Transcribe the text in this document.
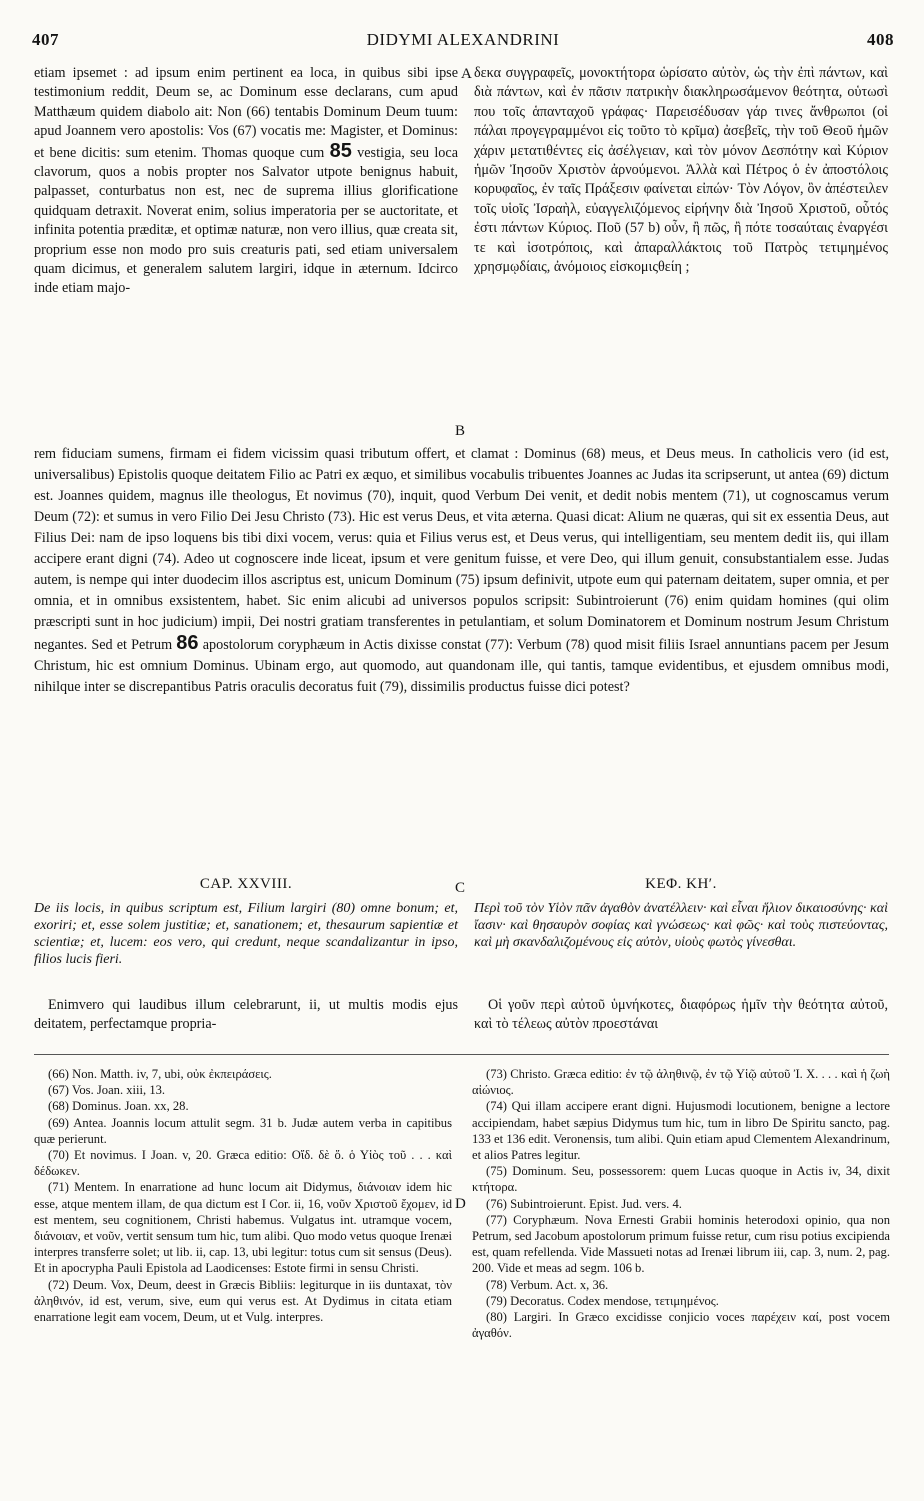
407	DIDYMI ALEXANDRINI	408

etiam ipsemet : ad ipsum enim pertinent ea loca, in quibus sibi ipse testimonium reddit, Deum se, ac Dominum esse declarans, cum apud Matthæum quidem diabolo ait: Non (66) tentabis Dominum Deum tuum: apud Joannem vero apostolis: Vos (67) vocatis me: Magister, et Dominus: et bene dicitis: sum etenim. Thomas quoque cum 85 vestigia, seu loca clavorum, quos a nobis propter nos Salvator utpote benignus habuit, palpasset, conturbatus non est, nec de suprema illius glorificatione quidquam detraxit. Noverat enim, solius imperatoria per se auctoritate, et infinita potentia præditæ, et optimæ naturæ, non vero illius, quæ creata sit, proprium esse non modo pro suis creaturis pati, sed etiam universalem quam dicimus, et generalem salutem largiri, idque in æternum. Idcirco inde etiam majo-

A
B

δεκα συγγραφεῖς, μονοκτήτορα ὡρίσατο αὐτὸν, ὡς τὴν ἐπὶ πάντων, καὶ διὰ πάντων, καὶ ἐν πᾶσιν πατρικὴν διακληρωσάμενον θεότητα, οὑτωσὶ που τοῖς ἁπανταχοῦ γράφας· Παρεισέδυσαν γάρ τινες ἄνθρωποι (οἱ πάλαι προγεγραμμένοι εἰς τοῦτο τὸ κρῖμα) ἀσεβεῖς, τὴν τοῦ Θεοῦ ἡμῶν χάριν μετατιθέντες εἰς ἀσέλγειαν, καὶ τὸν μόνον Δεσπότην καὶ Κύριον ἡμῶν Ἰησοῦν Χριστὸν ἀρνούμενοι. Ἀλλὰ καὶ Πέτρος ὁ ἐν ἀποστόλοις κορυφαῖος, ἐν ταῖς Πράξεσιν φαίνεται εἰπών· Τὸν Λόγον, ὃν ἀπέστειλεν τοῖς υἱοῖς Ἰσραὴλ, εὐαγγελιζόμενος εἰρήνην διὰ Ἰησοῦ Χριστοῦ, οὗτός ἐστι πάντων Κύριος. Ποῦ (57 b) οὖν, ἢ πῶς, ἢ πότε τοσαύταις ἐναργέσι τε καὶ ἰσοτρόποις, καὶ ἀπαραλλάκτοις τοῦ Πατρὸς τετιμημένος χρησμῳδίαις, ἀνόμοιος εἰσκομιςθείη ;

rem fiduciam sumens, firmam ei fidem vicissim quasi tributum offert, et clamat : Dominus (68) meus, et Deus meus. In catholicis vero (id est, universalibus) Epistolis quoque deitatem Filio ac Patri ex æquo, et similibus vocabulis tribuentes Joannes ac Judas ita scripserunt, ut antea (69) dictum est. Joannes quidem, magnus ille theologus, Et novimus (70), inquit, quod Verbum Dei venit, et dedit nobis mentem (71), ut cognoscamus verum Deum (72): et sumus in vero Filio Dei Jesu Christo (73). Hic est verus Deus, et vita æterna. Quasi dicat: Alium ne quæras, qui sit ex essentia Deus, aut Filius Dei: nam de ipso loquens bis tibi dixi vocem, verus: quia et Filius verus est, et Deus verus, qui intelligentiam, seu mentem dedit iis, qui illam accipere erant digni (74). Adeo ut cognoscere inde liceat, ipsum et vere genitum fuisse, et vere Deo, qui illum genuit, consubstantialem esse. Judas autem, is nempe qui inter duodecim illos ascriptus est, unicum Dominum (75) ipsum definivit, utpote eum qui paternam deitatem, super omnia, et per omnia, et in omnibus exsistentem, habet. Sic enim alicubi ad universos populos scripsit: Subintroierunt (76) enim quidam homines (qui olim præscripti sunt in hoc judicium) impii, Dei nostri gratiam transferentes in petulantiam, et solum Dominatorem et Dominum nostrum Jesum Christum negantes. Sed et Petrum 86 apostolorum coryphæum in Actis dixisse constat (77): Verbum (78) quod misit filiis Israel annuntians pacem per Jesum Christum, hic est omnium Dominus. Ubinam ergo, aut quomodo, aut quandonam ille, qui tantis, tamque evidentibus, et ejusdem omnibus modi, nihilque inter se discrepantibus Patris oraculis decoratus fuit (79), dissimilis productus fuisse dici potest?

CAP. XXVIII.	C	ΚΕΦ. ΚΗʹ.
De iis locis, in quibus scriptum est, Filium largiri (80) omne bonum; et, exoriri; et, esse solem justitiæ; et, sanationem; et, thesaurum sapientiæ et scientiæ; et, lucem: eos vero, qui credunt, neque scandalizantur in ipso, filios lucis fieri.
Περὶ τοῦ τὸν Υἱὸν πᾶν ἀγαθὸν ἀνατέλλειν· καὶ εἶναι ἥλιον δικαιοσύνης· καὶ ἴασιν· καὶ θησαυρὸν σοφίας καὶ γνώσεως· καὶ φῶς· καὶ τοὺς πιστεύοντας, καὶ μὴ σκανδαλιζομένους εἰς αὐτὸν, υἱοὺς φωτὸς γίνεσθαι.

Enimvero qui laudibus illum celebrarunt, ii, ut multis modis ejus deitatem, perfectamque propria-

Οἱ γοῦν περὶ αὐτοῦ ὑμνήκοτες, διαφόρως ἡμῖν τὴν θεότητα αὐτοῦ, καὶ τὸ τέλεως αὐτὸν προεστάναι

(66) Non. Matth. iv, 7, ubi, οὐκ ἐκπειράσεις.

(67) Vos. Joan. xiii, 13.

(68) Dominus. Joan. xx, 28.

(69) Antea. Joannis locum attulit segm. 31 b. Judæ autem verba in capitibus quæ perierunt.

(70) Et novimus. I Joan. v, 20. Græca editio: Οἴδ. δὲ ὅ. ὁ Υἱὸς τοῦ . . . καὶ δέδωκεν.

(71) Mentem. In enarratione ad hunc locum ait Didymus, διάνοιαν idem hic esse, atque mentem illam, de qua dictum est I Cor. ii, 16, νοῦν Χριστοῦ ἔχομεν, id est mentem, seu cognitionem, Christi habemus. Vulgatus int. utramque vocem, διάνοιαν, et νοῦν, vertit sensum tum hic, tum alibi. Quo modo vetus quoque Irenæi interpres transferre solet; ut lib. ii, cap. 13, ubi legitur: totus cum sit sensus (Deus). Et in apocrypha Pauli Epistola ad Laodicenses: Estote firmi in sensu Christi.

(72) Deum. Vox, Deum, deest in Græcis Bibliis: legiturque in iis duntaxat, τὸν ἀληθινόν, id est, verum, sive, eum qui verus est. At Dydimus in citata etiam enarratione legit eam vocem, Deum, ut et Vulg. interpres.

D

(73) Christo. Græca editio: ἐν τῷ ἀληθινῷ, ἐν τῷ Υἱῷ αὐτοῦ Ἰ. Χ. . . . καὶ ἡ ζωὴ αἰώνιος.

(74) Qui illam accipere erant digni. Hujusmodi locutionem, benigne a lectore accipiendam, habet sæpius Didymus tum hic, tum in libro De Spiritu sancto, pag. 133 et 136 edit. Veronensis, tum alibi. Quin etiam apud Clementem Alexandrinum, et alios Patres legitur.

(75) Dominum. Seu, possessorem: quem Lucas quoque in Actis iv, 34, dixit κτήτορα.

(76) Subintroierunt. Epist. Jud. vers. 4.

(77) Coryphæum. Nova Ernesti Grabii hominis heterodoxi opinio, qua non Petrum, sed Jacobum apostolorum primum fuisse retur, cum risu potius excipienda est, quam refellenda. Vide Massueti notas ad Irenæi librum iii, cap. 3, num. 2, pag. 200. Vide et meas ad segm. 106 b.

(78) Verbum. Act. x, 36.

(79) Decoratus. Codex mendose, τετιμημένος.

(80) Largiri. In Græco excidisse conjicio voces παρέχειν καί, post vocem ἀγαθόν.
